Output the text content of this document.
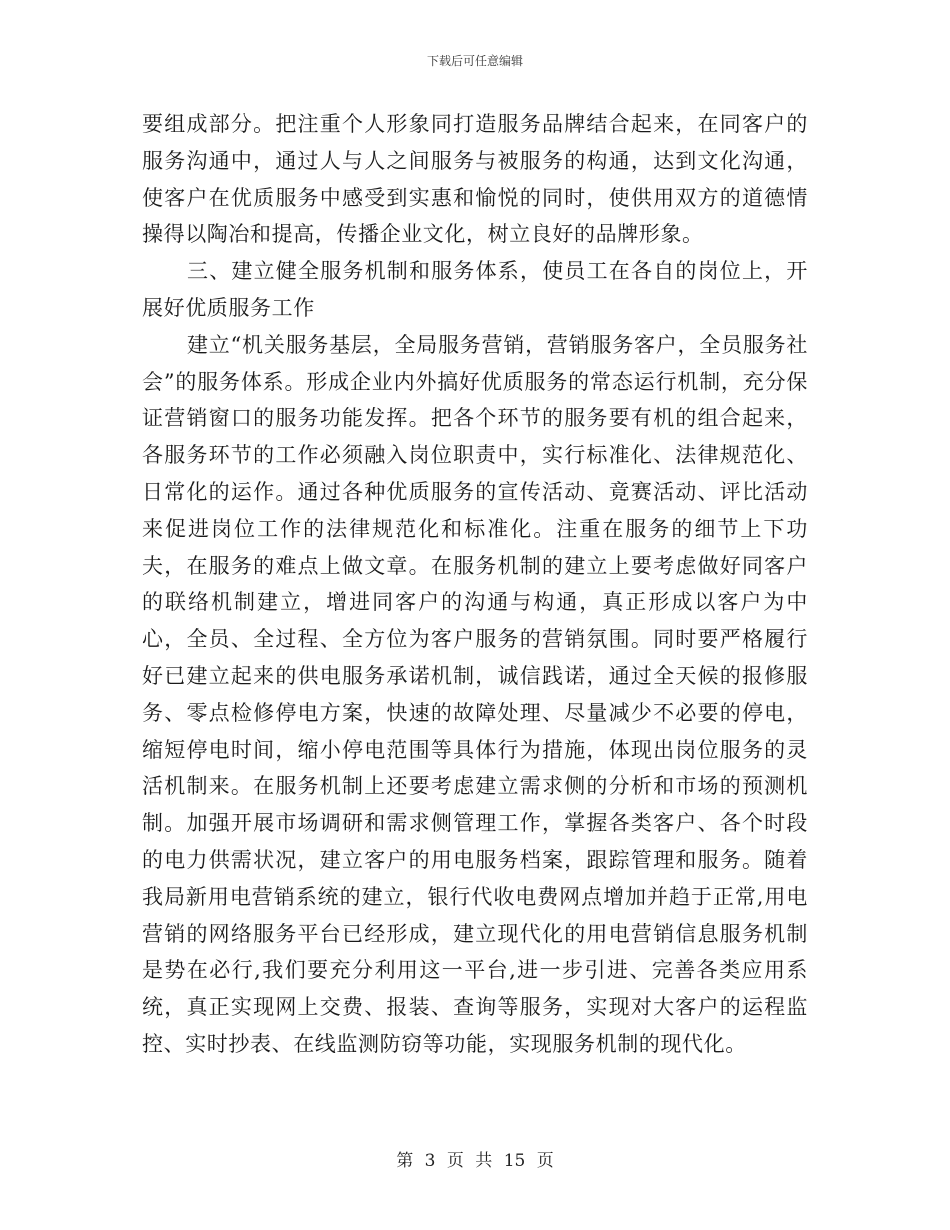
下载后可任意编辑

要组成部分。把注重个人形象同打造服务品牌结合起来，在同客户的服务沟通中，通过人与人之间服务与被服务的构通，达到文化沟通，使客户在优质服务中感受到实惠和愉悦的同时，使供用双方的道德情操得以陶冶和提高，传播企业文化，树立良好的品牌形象。

三、建立健全服务机制和服务体系，使员工在各自的岗位上，开展好优质服务工作

建立“机关服务基层，全局服务营销，营销服务客户，全员服务社会”的服务体系。形成企业内外搞好优质服务的常态运行机制，充分保证营销窗口的服务功能发挥。把各个环节的服务要有机的组合起来，各服务环节的工作必须融入岗位职责中，实行标准化、法律规范化、日常化的运作。通过各种优质服务的宣传活动、竟赛活动、评比活动来促进岗位工作的法律规范化和标准化。注重在服务的细节上下功夫，在服务的难点上做文章。在服务机制的建立上要考虑做好同客户的联络机制建立，增进同客户的沟通与构通，真正形成以客户为中心，全员、全过程、全方位为客户服务的营销氛围。同时要严格履行好已建立起来的供电服务承诺机制，诚信践诺，通过全天候的报修服务、零点检修停电方案，快速的故障处理、尽量减少不必要的停电，缩短停电时间，缩小停电范围等具体行为措施，体现出岗位服务的灵活机制来。在服务机制上还要考虑建立需求侧的分析和市场的预测机制。加强开展市场调研和需求侧管理工作，掌握各类客户、各个时段的电力供需状况，建立客户的用电服务档案，跟踪管理和服务。随着我局新用电营销系统的建立，银行代收电费网点增加并趋于正常,用电营销的网络服务平台已经形成，建立现代化的用电营销信息服务机制是势在必行,我们要充分利用这一平台,进一步引进、完善各类应用系统，真正实现网上交费、报装、查询等服务，实现对大客户的运程监控、实时抄表、在线监测防窃等功能，实现服务机制的现代化。

第 3 页 共 15 页
